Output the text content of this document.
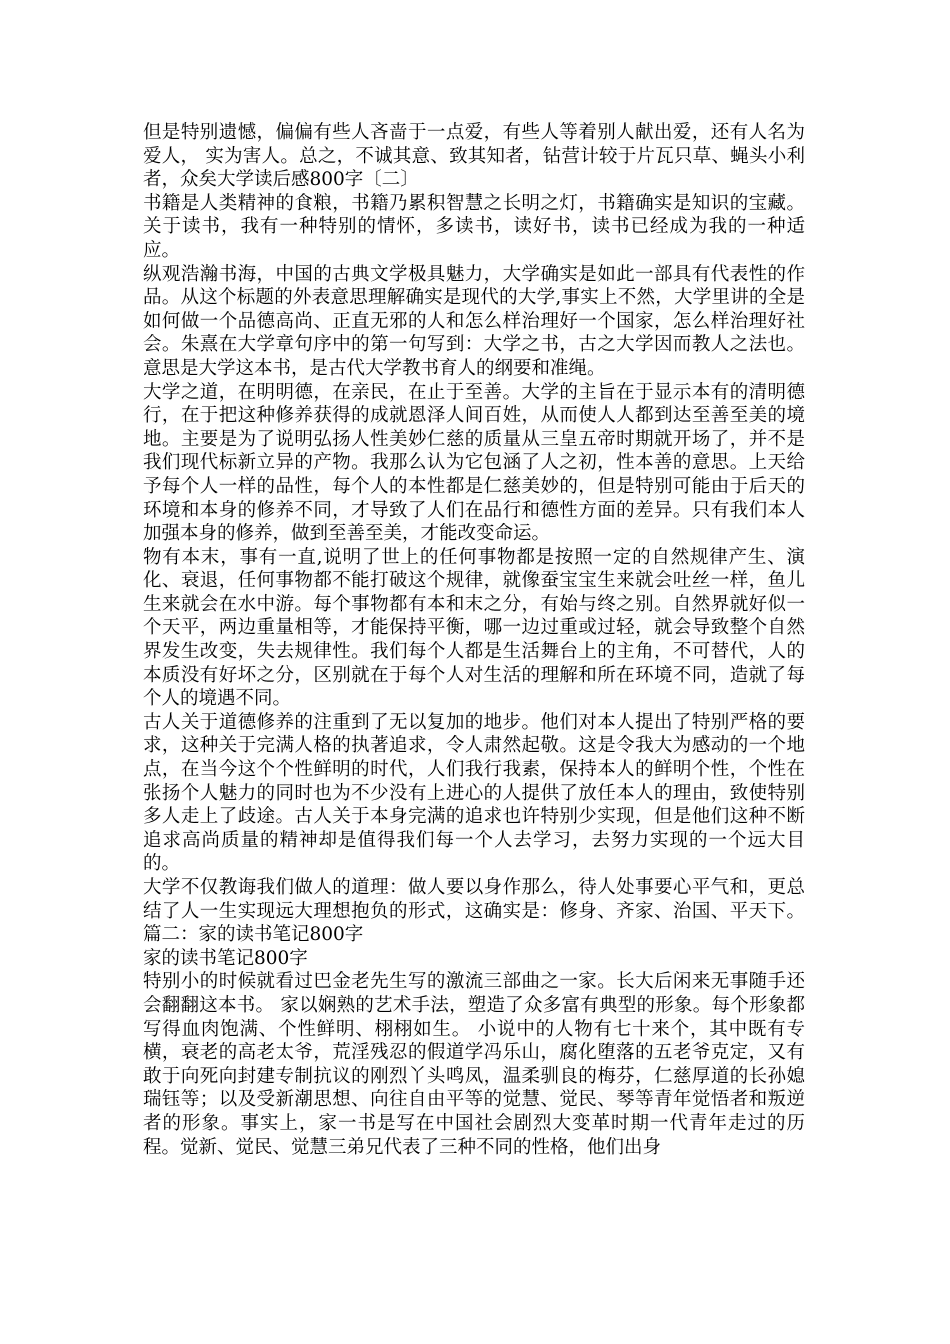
但是特别遗憾，偏偏有些人吝啬于一点爱，有些人等着别人献出爱，还有人名为爱人， 实为害人。总之，不诚其意、致其知者，钻营计较于片瓦只草、蝇头小利者，众矣大学读后感800字〔二〕

书籍是人类精神的食粮，书籍乃累积智慧之长明之灯，书籍确实是知识的宝藏。关于读书，我有一种特别的情怀，多读书，读好书，读书已经成为我的一种适应。

纵观浩瀚书海，中国的古典文学极具魅力，大学确实是如此一部具有代表性的作品。从这个标题的外表意思理解确实是现代的大学,事实上不然，大学里讲的全是如何做一个品德高尚、正直无邪的人和怎么样治理好一个国家，怎么样治理好社会。朱熹在大学章句序中的第一句写到：大学之书，古之大学因而教人之法也。意思是大学这本书，是古代大学教书育人的纲要和准绳。

大学之道，在明明德，在亲民，在止于至善。大学的主旨在于显示本有的清明德行，在于把这种修养获得的成就恩泽人间百姓，从而使人人都到达至善至美的境地。主要是为了说明弘扬人性美妙仁慈的质量从三皇五帝时期就开场了，并不是我们现代标新立异的产物。我那么认为它包涵了人之初，性本善的意思。上天给予每个人一样的品性，每个人的本性都是仁慈美妙的，但是特别可能由于后天的环境和本身的修养不同，才导致了人们在品行和德性方面的差异。只有我们本人加强本身的修养，做到至善至美，才能改变命运。

物有本末，事有一直,说明了世上的任何事物都是按照一定的自然规律产生、演化、衰退，任何事物都不能打破这个规律，就像蚕宝宝生来就会吐丝一样，鱼儿生来就会在水中游。每个事物都有本和末之分，有始与终之别。自然界就好似一个天平，两边重量相等，才能保持平衡，哪一边过重或过轻，就会导致整个自然界发生改变，失去规律性。我们每个人都是生活舞台上的主角，不可替代，人的本质没有好坏之分，区别就在于每个人对生活的理解和所在环境不同，造就了每个人的境遇不同。

古人关于道德修养的注重到了无以复加的地步。他们对本人提出了特别严格的要求，这种关于完满人格的执著追求，令人肃然起敬。这是令我大为感动的一个地点，在当今这个个性鲜明的时代，人们我行我素，保持本人的鲜明个性，个性在张扬个人魅力的同时也为不少没有上进心的人提供了放任本人的理由，致使特别多人走上了歧途。古人关于本身完满的追求也许特别少实现，但是他们这种不断追求高尚质量的精神却是值得我们每一个人去学习，去努力实现的一个远大目的。

大学不仅教诲我们做人的道理：做人要以身作那么，待人处事要心平气和，更总结了人一生实现远大理想抱负的形式，这确实是：修身、齐家、治国、平天下。篇二：家的读书笔记800字

家的读书笔记800字

特别小的时候就看过巴金老先生写的激流三部曲之一家。长大后闲来无事随手还会翻翻这本书。 家以娴熟的艺术手法，塑造了众多富有典型的形象。每个形象都写得血肉饱满、个性鲜明、栩栩如生。 小说中的人物有七十来个，其中既有专横，衰老的高老太爷，荒淫残忍的假道学冯乐山，腐化堕落的五老爷克定，又有敢于向死向封建专制抗议的刚烈丫头鸣凤，温柔驯良的梅芬，仁慈厚道的长孙媳瑞钰等；以及受新潮思想、向往自由平等的觉慧、觉民、琴等青年觉悟者和叛逆者的形象。事实上，家一书是写在中国社会剧烈大变革时期一代青年走过的历程。觉新、觉民、觉慧三弟兄代表了三种不同的性格，他们出身
